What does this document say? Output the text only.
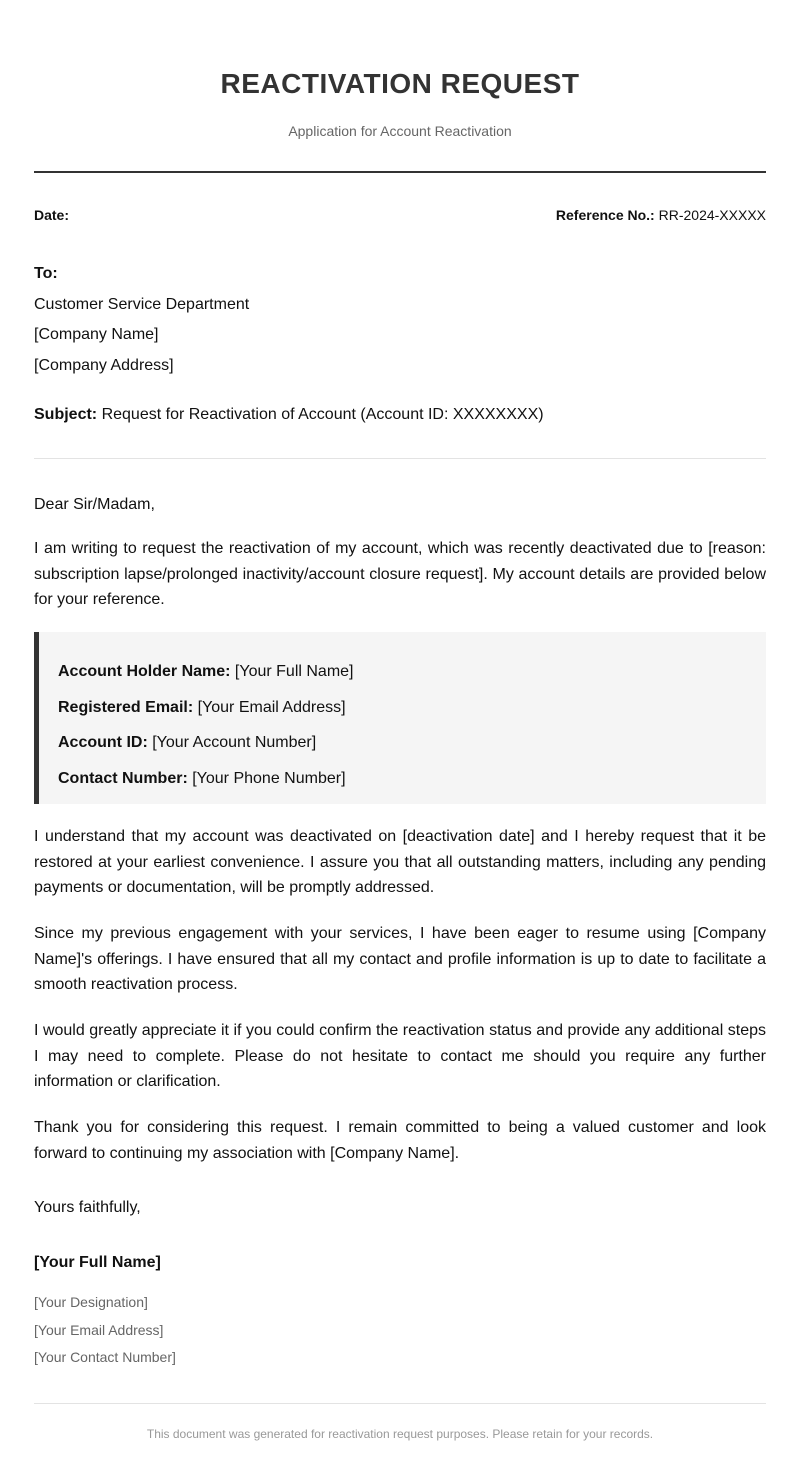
REACTIVATION REQUEST
Application for Account Reactivation
Date:	Reference No.: RR-2024-XXXXX
To:
Customer Service Department
[Company Name]
[Company Address]
Subject: Request for Reactivation of Account (Account ID: XXXXXXXX)

Dear Sir/Madam,

I am writing to request the reactivation of my account, which was recently deactivated due to [reason: subscription lapse/prolonged inactivity/account closure request]. My account details are provided below for your reference.

Account Holder Name: [Your Full Name]
Registered Email: [Your Email Address]
Account ID: [Your Account Number]
Contact Number: [Your Phone Number]

I understand that my account was deactivated on [deactivation date] and I hereby request that it be restored at your earliest convenience. I assure you that all outstanding matters, including any pending payments or documentation, will be promptly addressed.

Since my previous engagement with your services, I have been eager to resume using [Company Name]'s offerings. I have ensured that all my contact and profile information is up to date to facilitate a smooth reactivation process.

I would greatly appreciate it if you could confirm the reactivation status and provide any additional steps I may need to complete. Please do not hesitate to contact me should you require any further information or clarification.

Thank you for considering this request. I remain committed to being a valued customer and look forward to continuing my association with [Company Name].

Yours faithfully,
[Your Full Name]
[Your Designation]
[Your Email Address]
[Your Contact Number]
This document was generated for reactivation request purposes. Please retain for your records.
